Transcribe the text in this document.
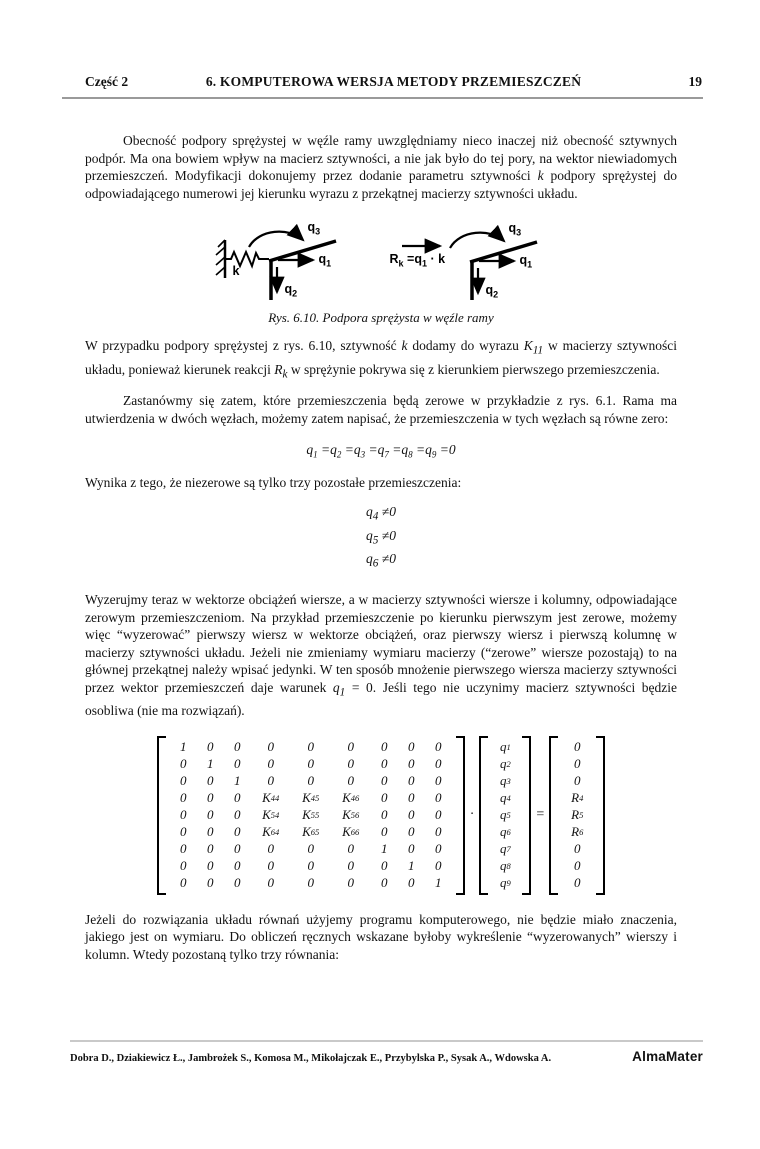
Część 2	6. KOMPUTEROWA WERSJA METODY PRZEMIESZCZEŃ	19

Obecność podpory sprężystej w węźle ramy uwzględniamy nieco inaczej niż obecność sztywnych podpór. Ma ona bowiem wpływ na macierz sztywności, a nie jak było do tej pory, na wektor niewiadomych przemieszczeń. Modyfikacji dokonujemy przez dodanie parametru sztywności k podpory sprężystej do odpowiadającego numerowi jej kierunku wyrazu z przekątnej macierzy sztywności układu.

$q_3$
$q_1$
$q_2$
k
$q_3$
$q_1$
$q_2$
$R_k =q_1 \cdot k$
Rys. 6.10. Podpora sprężysta w węźle ramy

W przypadku podpory sprężystej z rys. 6.10, sztywność k dodamy do wyrazu $K_{11}$ w macierzy sztywności układu, ponieważ kierunek reakcji $R_k$ w sprężynie pokrywa się z kierunkiem pierwszego przemieszczenia.

Zastanówmy się zatem, które przemieszczenia będą zerowe w przykładzie z rys. 6.1. Rama ma utwierdzenia w dwóch węzłach, możemy zatem napisać, że przemieszczenia w tych węzłach są równe zero:

$q_1 =q_2 =q_3 =q_7 =q_8 =q_9 =0$

Wynika z tego, że niezerowe są tylko trzy pozostałe przemieszczenia:

$q_4 \ne 0$
$q_5 \ne 0$
$q_6 \ne 0$

Wyzerujmy teraz w wektorze obciążeń wiersze, a w macierzy sztywności wiersze i kolumny, odpowiadające zerowym przemieszczeniom. Na przykład przemieszczenie po kierunku pierwszym jest zerowe, możemy więc “wyzerować” pierwszy wiersz w wektorze obciążeń, oraz pierwszy wiersz i pierwszą kolumnę w macierzy sztywności układu. Jeżeli nie zmieniamy wymiaru macierzy (“zerowe” wiersze pozostają) to na głównej przekątnej należy wpisać jedynki. W ten sposób mnożenie pierwszego wiersza macierzy sztywności przez wektor przemieszczeń daje warunek $q_1 = 0$. Jeśli tego nie uczynimy macierz sztywności będzie osobliwa (nie ma rozwiązań).

1	0	0	0	0	0	0	0	0
0	1	0	0	0	0	0	0	0
0	0	1	0	0	0	0	0	0
0	0	0	K 44	K 45	K 46	0	0	0
0	0	0	K 54	K 55	K 56	0	0	0
0	0	0	K 64	K 65	K 66	0	0	0
0	0	0	0	0	0	1	0	0
0	0	0	0	0	0	0	1	0
0	0	0	0	0	0	0	0	1
·
q 1
q 2
q 3
q 4
q 5
q 6
q 7
q 8
q 9
=
0
0
0
R 4
R 5
R 6
0
0
0

Jeżeli do rozwiązania układu równań użyjemy programu komputerowego, nie będzie miało znaczenia, jakiego jest on wymiaru. Do obliczeń ręcznych wskazane byłoby wykreślenie “wyzerowanych” wierszy i kolumn. Wtedy pozostaną tylko trzy równania:

Dobra D., Dziakiewicz Ł., Jambrożek S., Komosa M., Mikołajczak E., Przybylska P., Sysak A., Wdowska A.	AlmaMater
